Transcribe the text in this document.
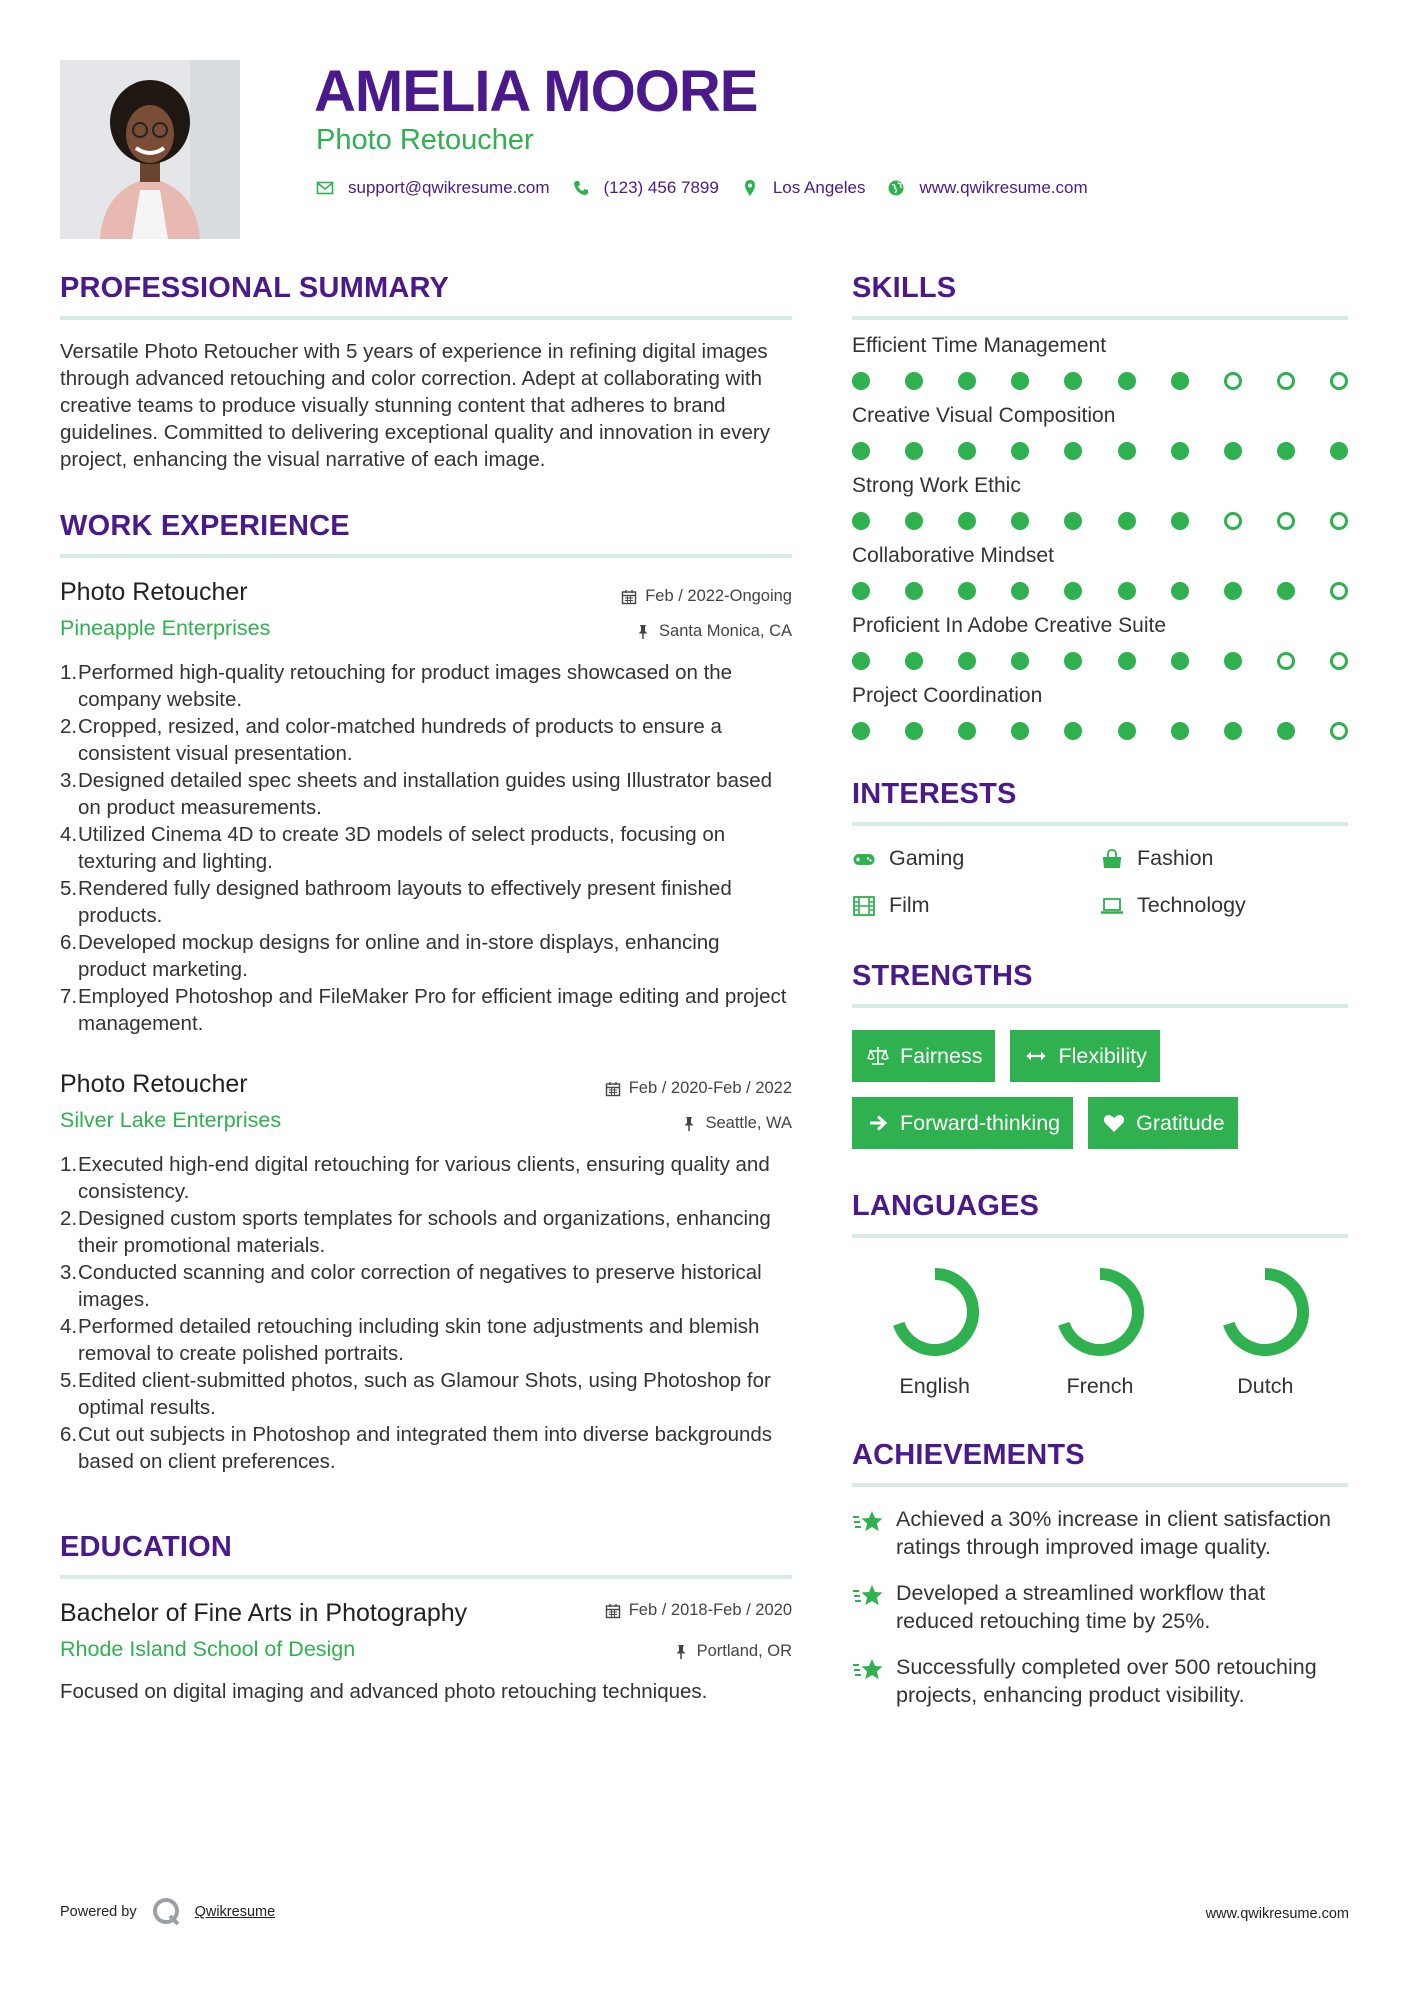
AMELIA MOORE
Photo Retoucher
support@qwikresume.com	(123) 456 7899	Los Angeles	www.qwikresume.com
PROFESSIONAL SUMMARY

Versatile Photo Retoucher with 5 years of experience in refining digital images through advanced retouching and color correction. Adept at collaborating with creative teams to produce visually stunning content that adheres to brand guidelines. Committed to delivering exceptional quality and innovation in every project, enhancing the visual narrative of each image.

WORK EXPERIENCE
Photo Retoucher	Feb / 2022-Ongoing
Pineapple Enterprises	Santa Monica, CA
1. Performed high-quality retouching for product images showcased on the company website.
2. Cropped, resized, and color-matched hundreds of products to ensure a consistent visual presentation.
3. Designed detailed spec sheets and installation guides using Illustrator based on product measurements.
4. Utilized Cinema 4D to create 3D models of select products, focusing on texturing and lighting.
5. Rendered fully designed bathroom layouts to effectively present finished products.
6. Developed mockup designs for online and in-store displays, enhancing product marketing.
7. Employed Photoshop and FileMaker Pro for efficient image editing and project management.
Photo Retoucher	Feb / 2020-Feb / 2022
Silver Lake Enterprises	Seattle, WA
1. Executed high-end digital retouching for various clients, ensuring quality and consistency.
2. Designed custom sports templates for schools and organizations, enhancing their promotional materials.
3. Conducted scanning and color correction of negatives to preserve historical images.
4. Performed detailed retouching including skin tone adjustments and blemish removal to create polished portraits.
5. Edited client-submitted photos, such as Glamour Shots, using Photoshop for optimal results.
6. Cut out subjects in Photoshop and integrated them into diverse backgrounds based on client preferences.
EDUCATION
Bachelor of Fine Arts in Photography	Feb / 2018-Feb / 2020
Rhode Island School of Design	Portland, OR

Focused on digital imaging and advanced photo retouching techniques.

SKILLS
Efficient Time Management
Creative Visual Composition
Strong Work Ethic
Collaborative Mindset
Proficient In Adobe Creative Suite
Project Coordination
INTERESTS
Gaming	Fashion
Film	Technology
STRENGTHS
Fairness	Flexibility
Forward-thinking	Gratitude
LANGUAGES
English	French	Dutch
ACHIEVEMENTS
Achieved a 30% increase in client satisfaction ratings through improved image quality.
Developed a streamlined workflow that reduced retouching time by 25%.
Successfully completed over 500 retouching projects, enhancing product visibility.
Powered by	Qwikresume	www.qwikresume.com
